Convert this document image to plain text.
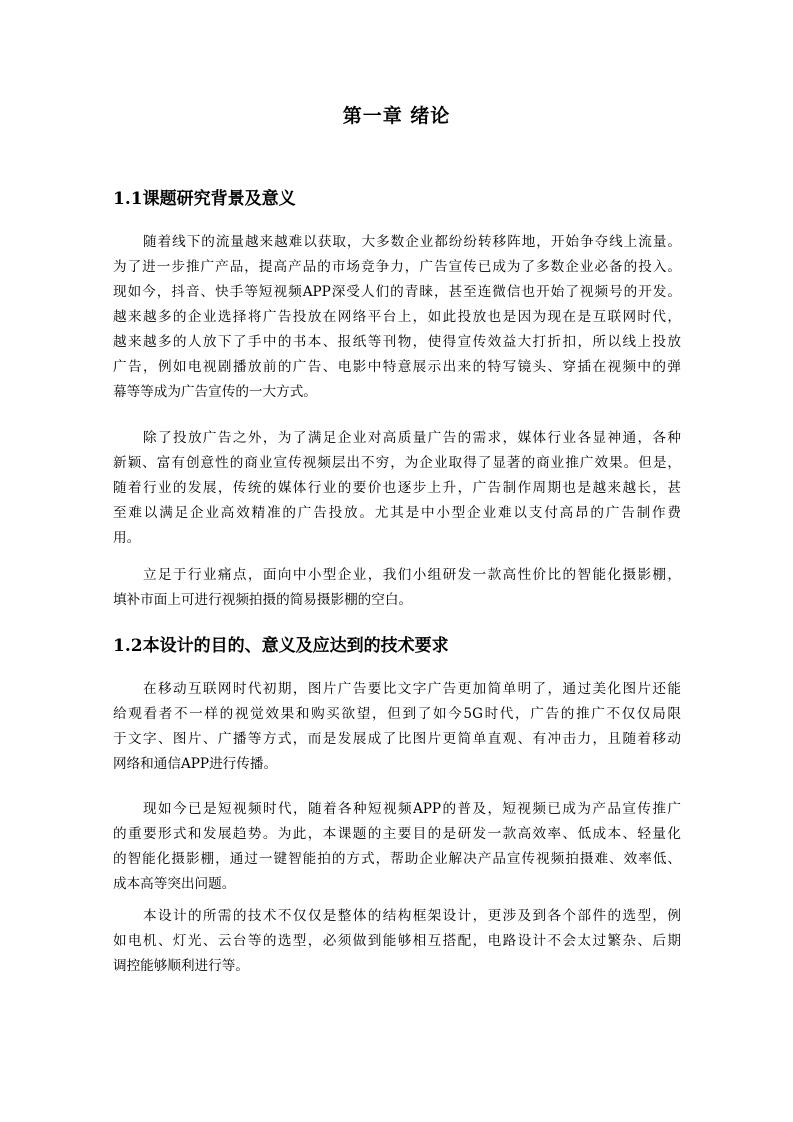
第一章 绪论
1.1课题研究背景及意义
随着线下的流量越来越难以获取，大多数企业都纷纷转移阵地，开始争夺线上流量。
为了进一步推广产品，提高产品的市场竞争力，广告宣传已成为了多数企业必备的投入。
现如今，抖音、快手等短视频APP深受人们的青睐，甚至连微信也开始了视频号的开发。
越来越多的企业选择将广告投放在网络平台上，如此投放也是因为现在是互联网时代，
越来越多的人放下了手中的书本、报纸等刊物，使得宣传效益大打折扣，所以线上投放
广告，例如电视剧播放前的广告、电影中特意展示出来的特写镜头、穿插在视频中的弹
幕等等成为广告宣传的一大方式。
除了投放广告之外，为了满足企业对高质量广告的需求，媒体行业各显神通，各种
新颖、富有创意性的商业宣传视频层出不穷，为企业取得了显著的商业推广效果。但是，
随着行业的发展，传统的媒体行业的要价也逐步上升，广告制作周期也是越来越长，甚
至难以满足企业高效精准的广告投放。尤其是中小型企业难以支付高昂的广告制作费
用。
立足于行业痛点，面向中小型企业，我们小组研发一款高性价比的智能化摄影棚，
填补市面上可进行视频拍摄的简易摄影棚的空白。
1.2本设计的目的、意义及应达到的技术要求
在移动互联网时代初期，图片广告要比文字广告更加简单明了，通过美化图片还能
给观看者不一样的视觉效果和购买欲望，但到了如今5G时代，广告的推广不仅仅局限
于文字、图片、广播等方式，而是发展成了比图片更简单直观、有冲击力，且随着移动
网络和通信APP进行传播。
现如今已是短视频时代，随着各种短视频APP的普及，短视频已成为产品宣传推广
的重要形式和发展趋势。为此，本课题的主要目的是研发一款高效率、低成本、轻量化
的智能化摄影棚，通过一键智能拍的方式，帮助企业解决产品宣传视频拍摄难、效率低、
成本高等突出问题。
本设计的所需的技术不仅仅是整体的结构框架设计，更涉及到各个部件的选型，例
如电机、灯光、云台等的选型，必须做到能够相互搭配，电路设计不会太过繁杂、后期
调控能够顺利进行等。
